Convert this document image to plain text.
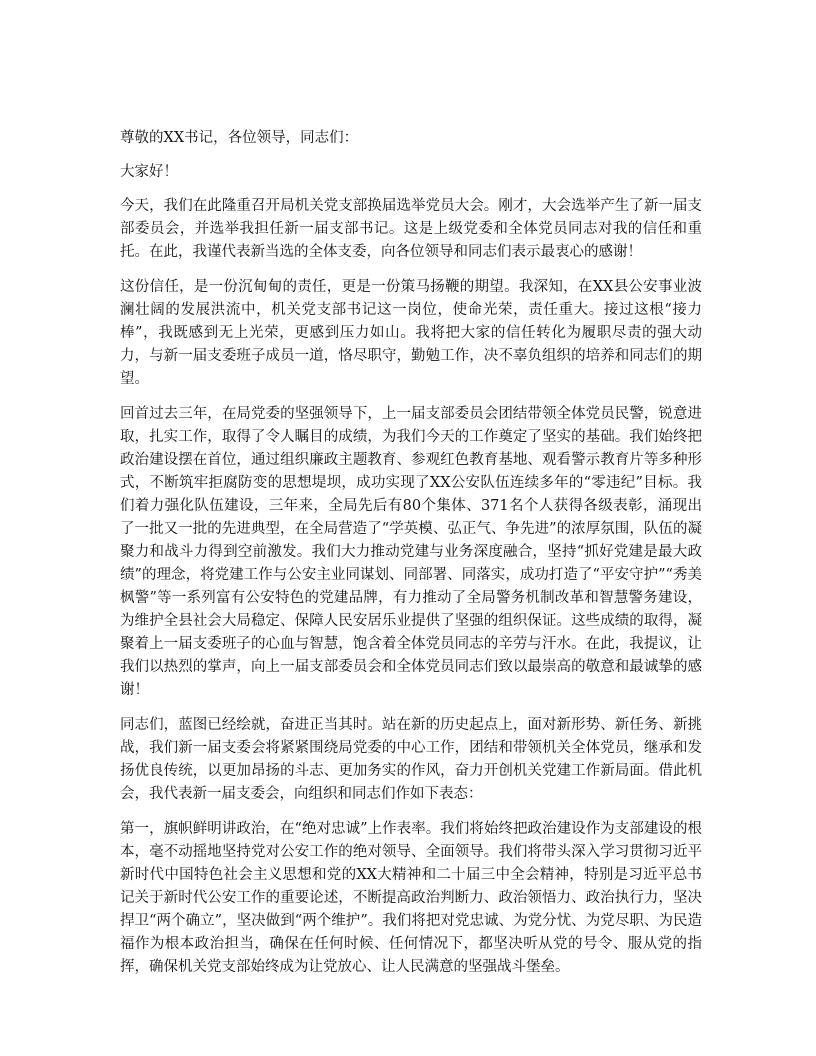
尊敬的XX书记，各位领导，同志们：

大家好！

今天，我们在此隆重召开局机关党支部换届选举党员大会。刚才，大会选举产生了新一届支部委员会，并选举我担任新一届支部书记。这是上级党委和全体党员同志对我的信任和重托。在此，我谨代表新当选的全体支委，向各位领导和同志们表示最衷心的感谢！

这份信任，是一份沉甸甸的责任，更是一份策马扬鞭的期望。我深知，在XX县公安事业波澜壮阔的发展洪流中，机关党支部书记这一岗位，使命光荣，责任重大。接过这根“接力棒”，我既感到无上光荣，更感到压力如山。我将把大家的信任转化为履职尽责的强大动力，与新一届支委班子成员一道，恪尽职守，勤勉工作，决不辜负组织的培养和同志们的期望。

回首过去三年，在局党委的坚强领导下，上一届支部委员会团结带领全体党员民警，锐意进取，扎实工作，取得了令人瞩目的成绩，为我们今天的工作奠定了坚实的基础。我们始终把政治建设摆在首位，通过组织廉政主题教育、参观红色教育基地、观看警示教育片等多种形式，不断筑牢拒腐防变的思想堤坝，成功实现了XX公安队伍连续多年的“零违纪”目标。我们着力强化队伍建设，三年来，全局先后有80个集体、371名个人获得各级表彰，涌现出了一批又一批的先进典型，在全局营造了“学英模、弘正气、争先进”的浓厚氛围，队伍的凝聚力和战斗力得到空前激发。我们大力推动党建与业务深度融合，坚持“抓好党建是最大政绩”的理念，将党建工作与公安主业同谋划、同部署、同落实，成功打造了“平安守护”“秀美枫警”等一系列富有公安特色的党建品牌，有力推动了全局警务机制改革和智慧警务建设，为维护全县社会大局稳定、保障人民安居乐业提供了坚强的组织保证。这些成绩的取得，凝聚着上一届支委班子的心血与智慧，饱含着全体党员同志的辛劳与汗水。在此，我提议，让我们以热烈的掌声，向上一届支部委员会和全体党员同志们致以最崇高的敬意和最诚挚的感谢！

同志们，蓝图已经绘就，奋进正当其时。站在新的历史起点上，面对新形势、新任务、新挑战，我们新一届支委会将紧紧围绕局党委的中心工作，团结和带领机关全体党员，继承和发扬优良传统，以更加昂扬的斗志、更加务实的作风，奋力开创机关党建工作新局面。借此机会，我代表新一届支委会，向组织和同志们作如下表态：

第一，旗帜鲜明讲政治，在“绝对忠诚”上作表率。我们将始终把政治建设作为支部建设的根本，毫不动摇地坚持党对公安工作的绝对领导、全面领导。我们将带头深入学习贯彻习近平新时代中国特色社会主义思想和党的XX大精神和二十届三中全会精神，特别是习近平总书记关于新时代公安工作的重要论述，不断提高政治判断力、政治领悟力、政治执行力，坚决捍卫“两个确立”，坚决做到“两个维护”。我们将把对党忠诚、为党分忧、为党尽职、为民造福作为根本政治担当，确保在任何时候、任何情况下，都坚决听从党的号令、服从党的指挥，确保机关党支部始终成为让党放心、让人民满意的坚强战斗堡垒。
